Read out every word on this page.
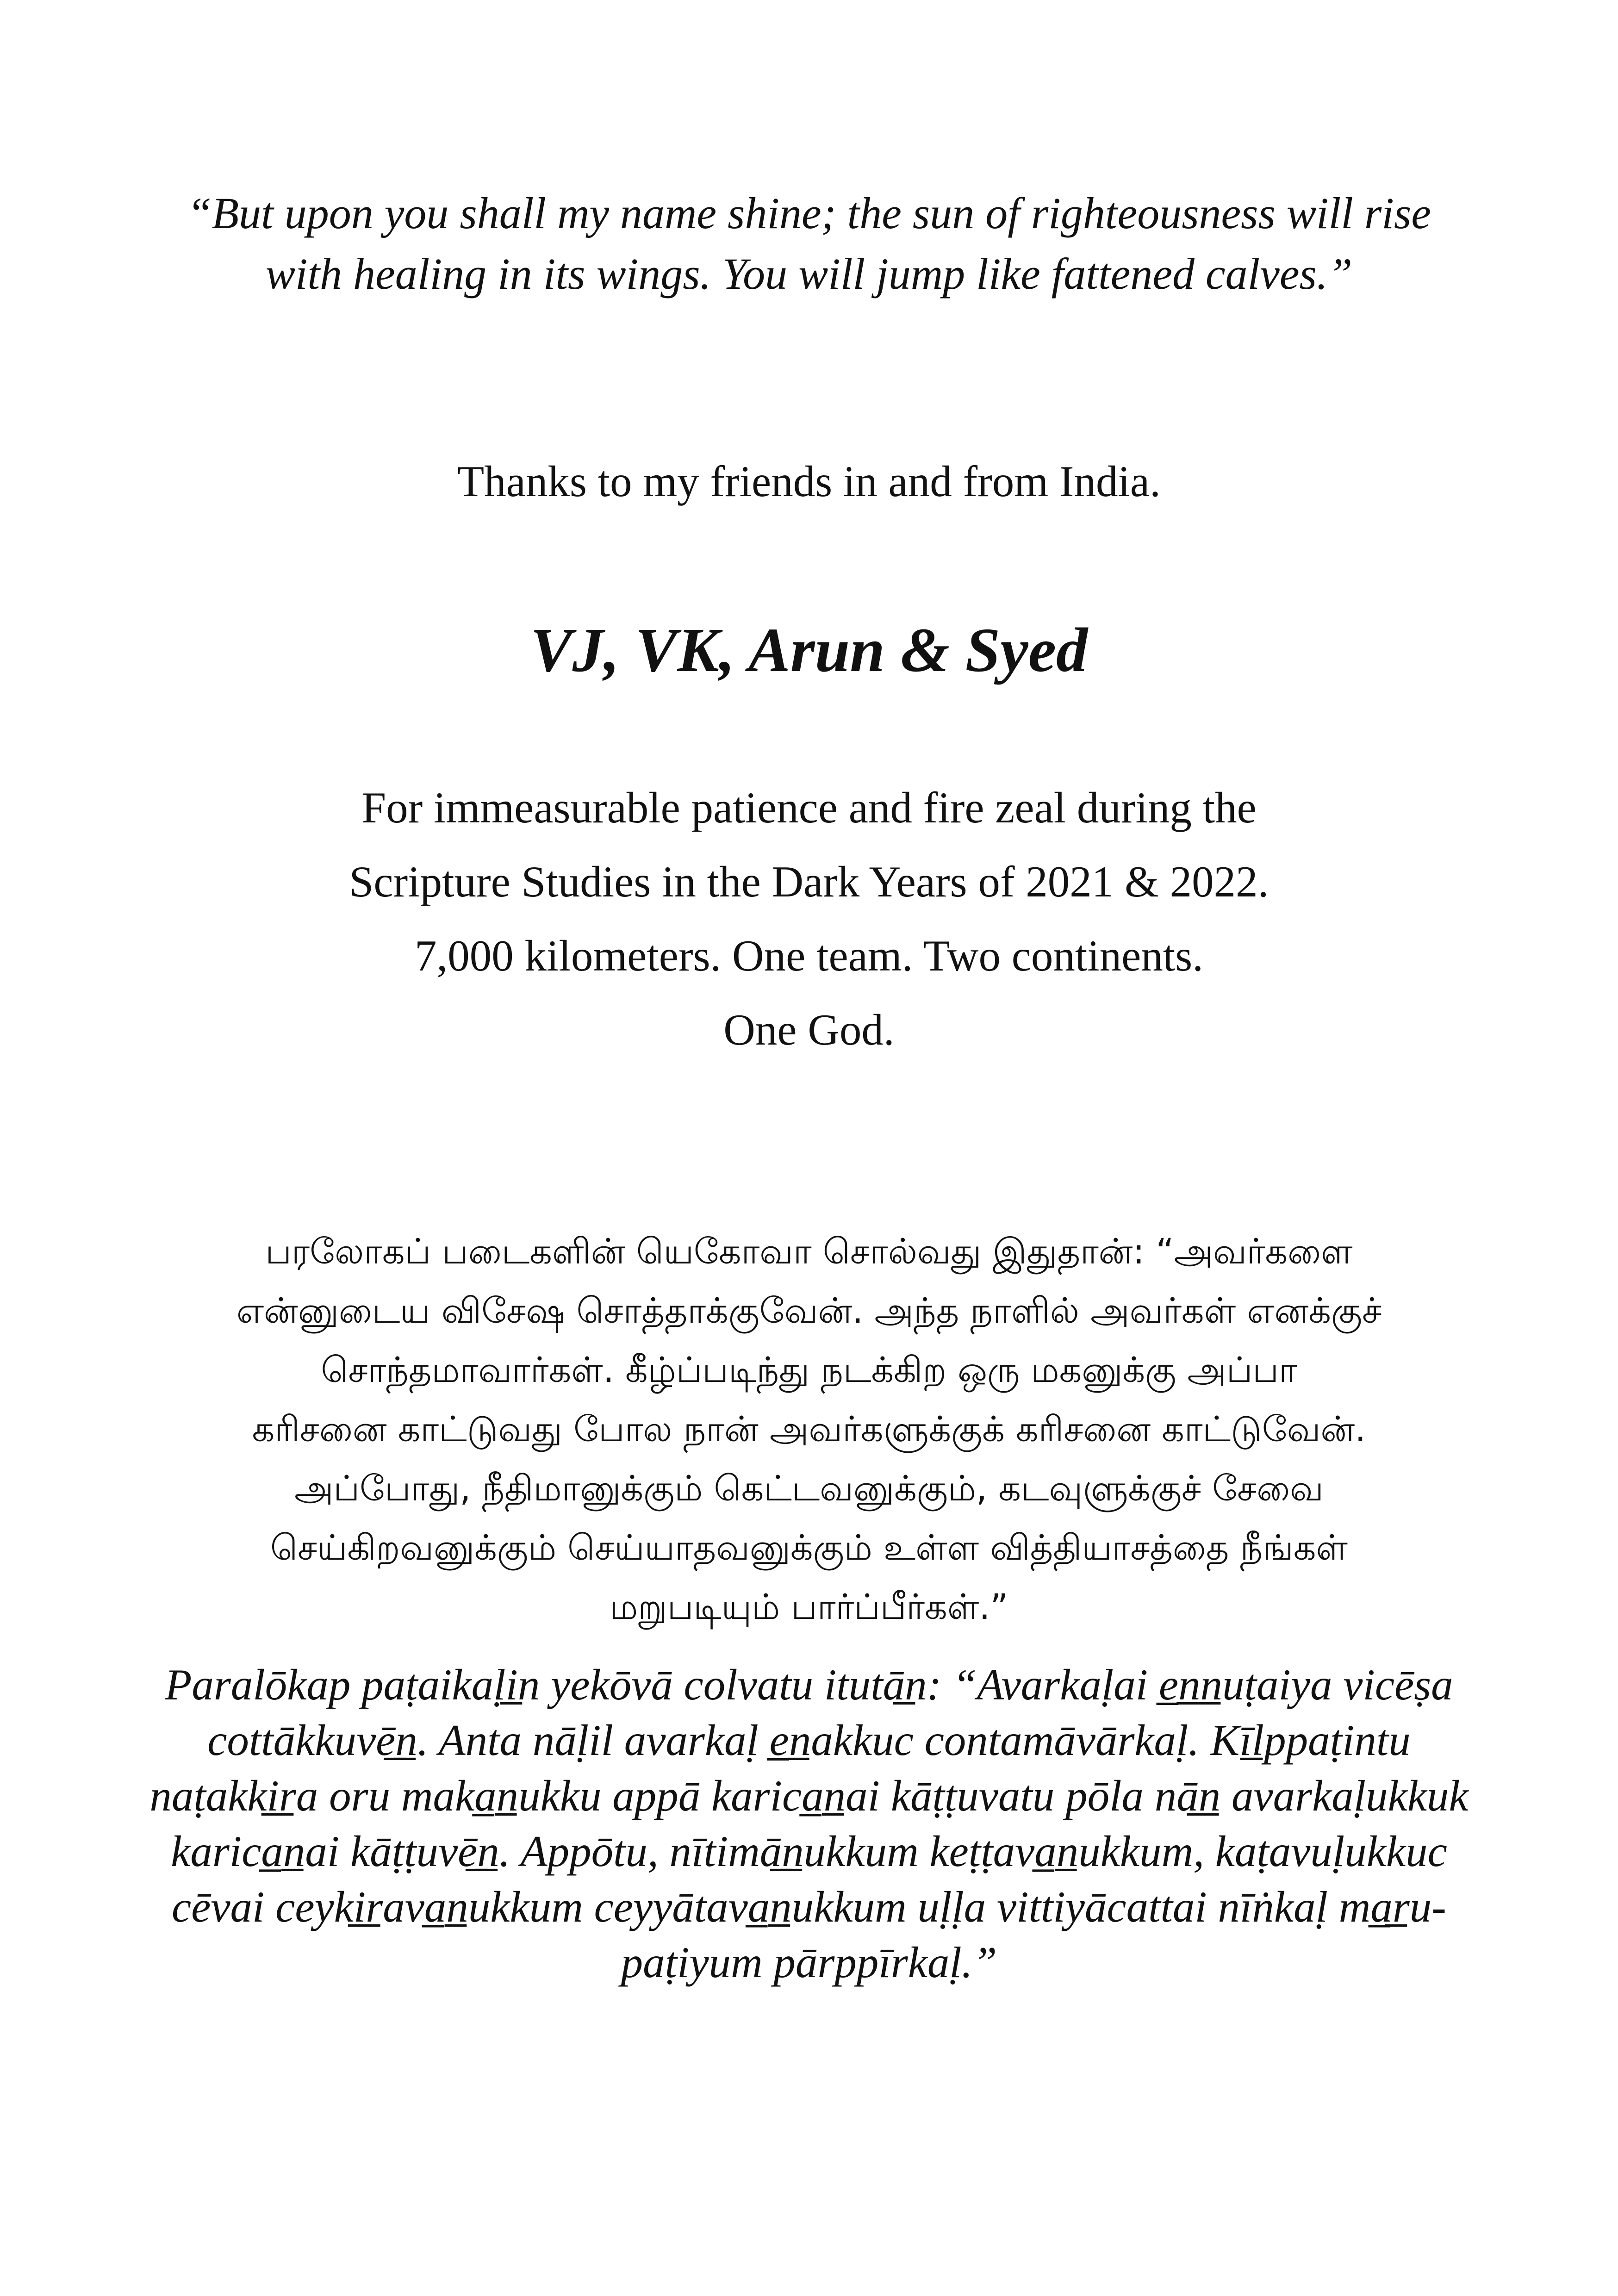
“But upon you shall my name shine; the sun of righteousness will rise
with healing in its wings. You will jump like fattened calves.”
Thanks to my friends in and from India.
VJ, VK, Arun & Syed
For immeasurable patience and fire zeal during the
Scripture Studies in the Dark Years of 2021 & 2022.
7,000 kilometers. One team. Two continents.
One God.
பரலோகப் படைகளின் யெகோவா சொல்வது இதுதான்: “அவர்களை
என்னுடைய விசேஷ சொத்தாக்குவேன். அந்த நாளில் அவர்கள் எனக்குச்
சொந்தமாவார்கள். கீழ்ப்படிந்து நடக்கிற ஒரு மகனுக்கு அப்பா
கரிசனை காட்டுவது போல நான் அவர்களுக்குக் கரிசனை காட்டுவேன்.
அப்போது, நீதிமானுக்கும் கெட்டவனுக்கும், கடவுளுக்குச் சேவை
செய்கிறவனுக்கும் செய்யாதவனுக்கும் உள்ள வித்தியாசத்தை நீங்கள்
மறுபடியும் பார்ப்பீர்கள்.”
Paralōkap paṭaikaḷi̲n yekōvā colvatu itutā̲n: “Avarkaḷai e̲n̲n̲uṭaiya vicēṣa
cottākkuvē̲n̲. Anta nāḷil avarkaḷ e̲n̲akkuc contamāvārkaḷ. Kī̲ḻppaṭintu
naṭakki̲r̲a oru maka̲n̲ukku appā karica̲n̲ai kāṭṭuvatu pōla nā̲n̲ avarkaḷukkuk
karica̲n̲ai kāṭṭuvē̲n̲. Appōtu, nītimā̲n̲ukkum keṭṭava̲n̲ukkum, kaṭavuḷukkuc
cēvai ceyki̲r̲ava̲n̲ukkum ceyyātava̲n̲ukkum uḷḷa vittiyācattai nīṅkaḷ ma̲r̲u-
paṭiyum pārppīrkaḷ.”
